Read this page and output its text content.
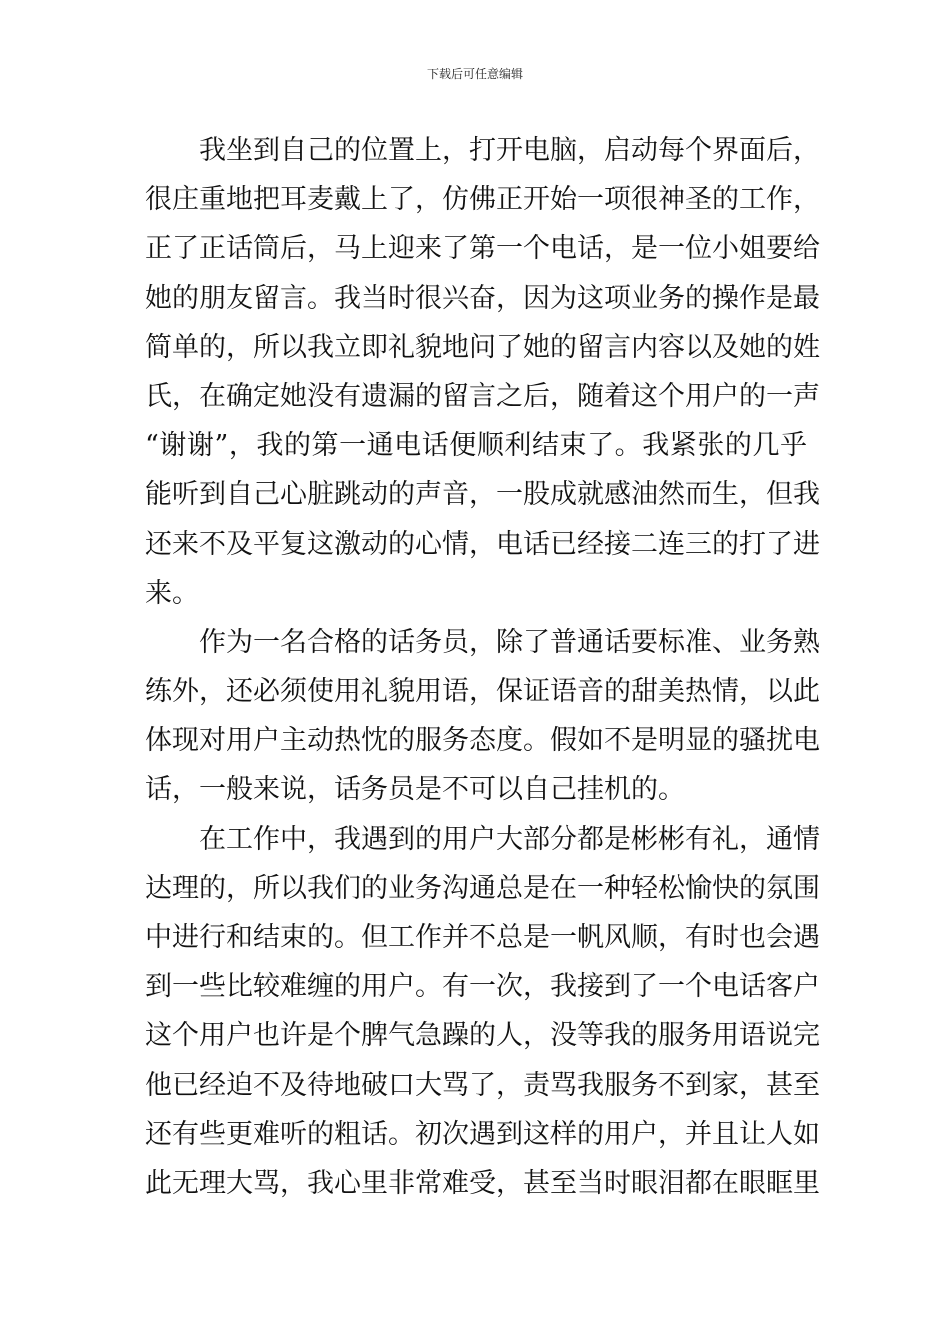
下载后可任意编辑
我坐到自己的位置上，打开电脑，启动每个界面后，
很庄重地把耳麦戴上了，仿佛正开始一项很神圣的工作，
正了正话筒后，马上迎来了第一个电话，是一位小姐要给
她的朋友留言。我当时很兴奋，因为这项业务的操作是最
简单的，所以我立即礼貌地问了她的留言内容以及她的姓
氏，在确定她没有遗漏的留言之后，随着这个用户的一声
“谢谢”，我的第一通电话便顺利结束了。我紧张的几乎
能听到自己心脏跳动的声音，一股成就感油然而生，但我
还来不及平复这激动的心情，电话已经接二连三的打了进
来。
作为一名合格的话务员，除了普通话要标准、业务熟
练外，还必须使用礼貌用语，保证语音的甜美热情，以此
体现对用户主动热忱的服务态度。假如不是明显的骚扰电
话，一般来说，话务员是不可以自己挂机的。
在工作中，我遇到的用户大部分都是彬彬有礼，通情
达理的，所以我们的业务沟通总是在一种轻松愉快的氛围
中进行和结束的。但工作并不总是一帆风顺，有时也会遇
到一些比较难缠的用户。有一次，我接到了一个电话客户
这个用户也许是个脾气急躁的人，没等我的服务用语说完
他已经迫不及待地破口大骂了，责骂我服务不到家，甚至
还有些更难听的粗话。初次遇到这样的用户，并且让人如
此无理大骂，我心里非常难受，甚至当时眼泪都在眼眶里
